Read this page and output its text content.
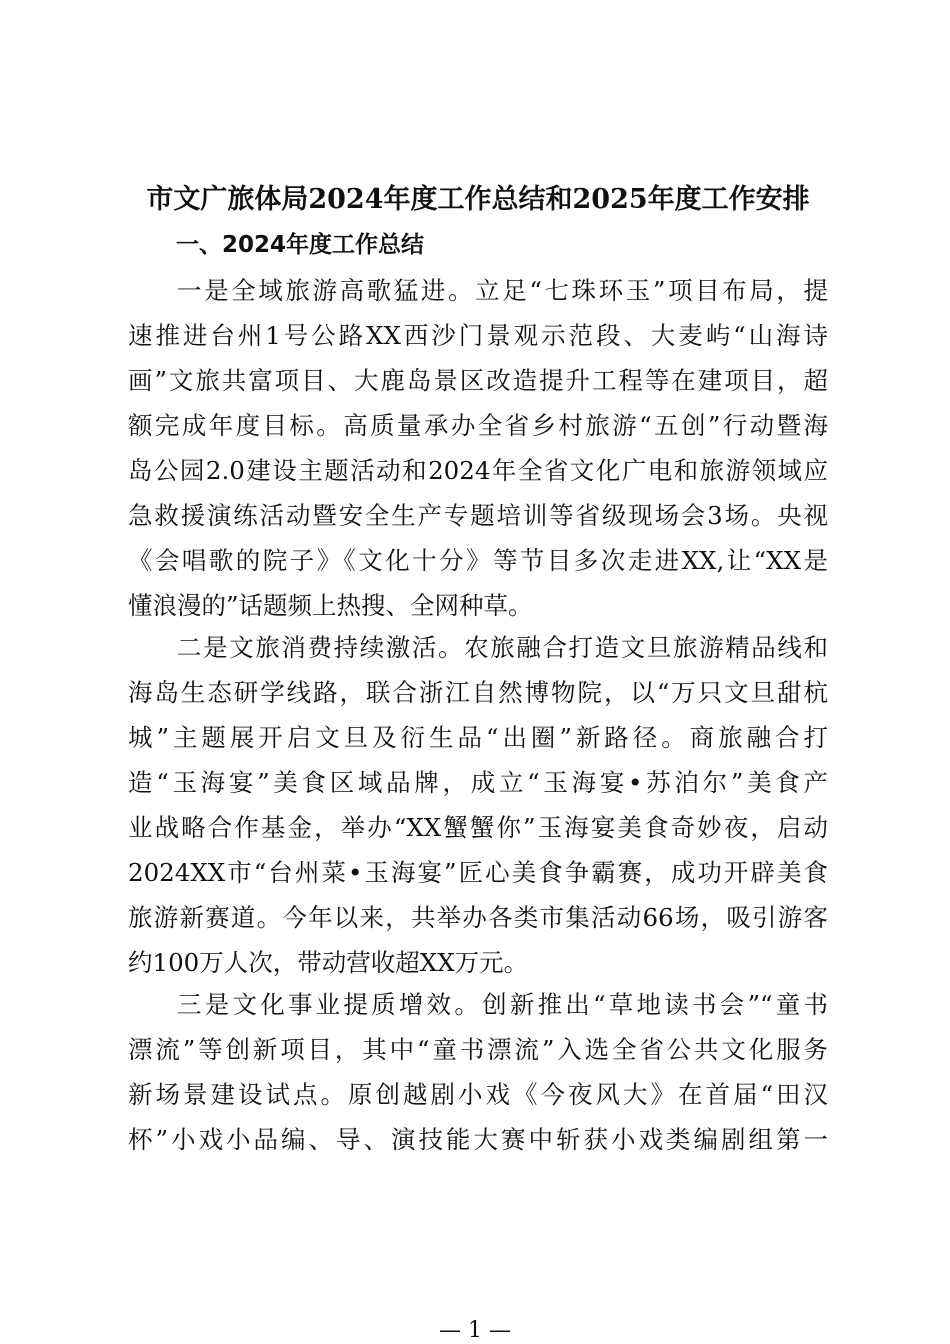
市文广旅体局2024年度工作总结和2025年度工作安排
一、2024年度工作总结
一是全域旅游高歌猛进。立足“七珠环玉”项目布局，提
速推进台州1号公路XX西沙门景观示范段、大麦屿“山海诗
画”文旅共富项目、大鹿岛景区改造提升工程等在建项目，超
额完成年度目标。高质量承办全省乡村旅游“五创”行动暨海
岛公园2.0建设主题活动和2024年全省文化广电和旅游领域应
急救援演练活动暨安全生产专题培训等省级现场会3场。央视
《会唱歌的院子》《文化十分》等节目多次走进XX,让“XX是
懂浪漫的”话题频上热搜、全网种草。
二是文旅消费持续激活。农旅融合打造文旦旅游精品线和
海岛生态研学线路，联合浙江自然博物院，以“万只文旦甜杭
城”主题展开启文旦及衍生品“出圈”新路径。商旅融合打
造“玉海宴”美食区域品牌，成立“玉海宴•苏泊尔”美食产
业战略合作基金，举办“XX蟹蟹你”玉海宴美食奇妙夜，启动
2024XX市“台州菜•玉海宴”匠心美食争霸赛，成功开辟美食
旅游新赛道。今年以来，共举办各类市集活动66场，吸引游客
约100万人次，带动营收超XX万元。
三是文化事业提质增效。创新推出“草地读书会”“童书
漂流”等创新项目，其中“童书漂流”入选全省公共文化服务
新场景建设试点。原创越剧小戏《今夜风大》在首届“田汉
杯”小戏小品编、导、演技能大赛中斩获小戏类编剧组第一
— 1 —
